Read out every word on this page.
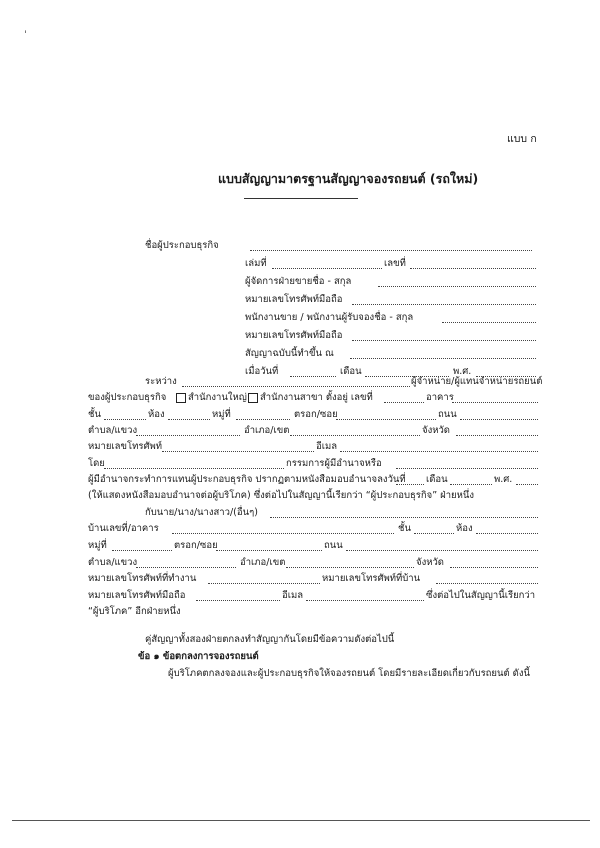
ˈ
แบบ ก
แบบสัญญามาตรฐานสัญญาจองรถยนต์ (รถใหม่)
ชื่อผู้ประกอบธุรกิจ
เล่มที่	เลขที่
ผู้จัดการฝ่ายขายชื่อ - สกุล
หมายเลขโทรศัพท์มือถือ
พนักงานขาย / พนักงานผู้รับจองชื่อ - สกุล
หมายเลขโทรศัพท์มือถือ
สัญญาฉบับนี้ทำขึ้น ณ
เมื่อวันที่	เดือน	พ.ศ.
ระหว่าง	ผู้จำหน่าย/ผู้แทนจำหน่ายรถยนต์
ของผู้ประกอบธุรกิจ สำนักงานใหญ่ สำนักงานสาขา ตั้งอยู่ เลขที่	อาคาร
ชั้น	ห้อง	หมู่ที่	ตรอก/ซอย	ถนน
ตำบล/แขวง	อำเภอ/เขต	จังหวัด
หมายเลขโทรศัพท์	อีเมล
โดย	กรรมการผู้มีอำนาจหรือ
ผู้มีอำนาจกระทำการแทนผู้ประกอบธุรกิจ ปรากฏตามหนังสือมอบอำนาจลงวันที่ เดือน	พ.ศ.
(ให้แสดงหนังสือมอบอำนาจต่อผู้บริโภค) ซึ่งต่อไปในสัญญานี้เรียกว่า “ผู้ประกอบธุรกิจ” ฝ่ายหนึ่ง
กับนาย/นาง/นางสาว/(อื่นๆ)
บ้านเลขที่/อาคาร	ชั้น	ห้อง
หมู่ที่	ตรอก/ซอย	ถนน
ตำบล/แขวง	อำเภอ/เขต	จังหวัด
หมายเลขโทรศัพท์ที่ทำงาน	หมายเลขโทรศัพท์ที่บ้าน
หมายเลขโทรศัพท์มือถือ	อีเมล	ซึ่งต่อไปในสัญญานี้เรียกว่า
“ผู้บริโภค” อีกฝ่ายหนึ่ง
คู่สัญญาทั้งสองฝ่ายตกลงทำสัญญากันโดยมีข้อความดังต่อไปนี้
ข้อ ๑ ข้อตกลงการจองรถยนต์
ผู้บริโภคตกลงจองและผู้ประกอบธุรกิจให้จองรถยนต์ โดยมีรายละเอียดเกี่ยวกับรถยนต์ ดังนี้
